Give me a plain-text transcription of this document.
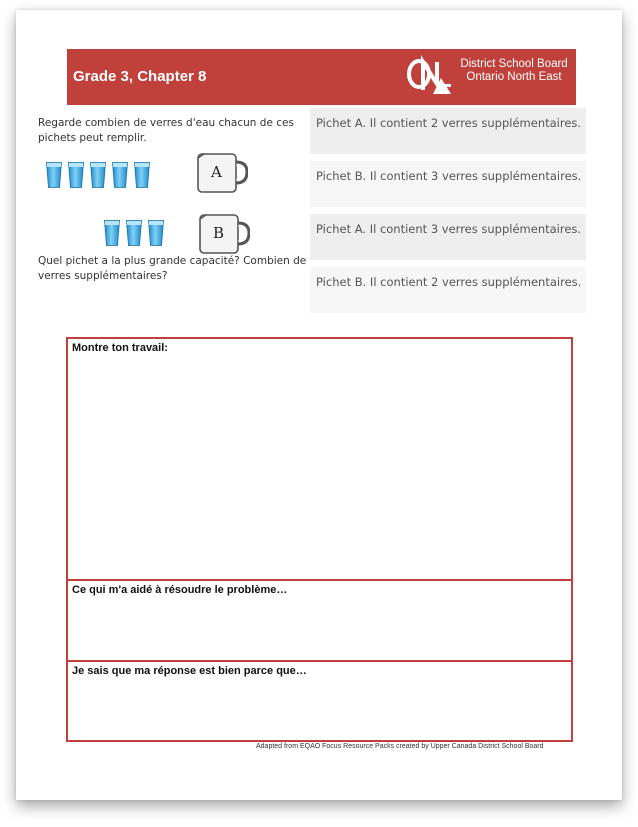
Grade 3, Chapter 8
District School Board
Ontario North East
Regarde combien de verres d'eau chacun de ces pichets peut remplir.
A
B
Quel pichet a la plus grande capacité? Combien de verres supplémentaires?
Pichet A. Il contient 2 verres supplémentaires.
Pichet B. Il contient 3 verres supplémentaires.
Pichet A. Il contient 3 verres supplémentaires.
Pichet B. Il contient 2 verres supplémentaires.
Montre ton travail:
Ce qui m'a aidé à résoudre le problème…
Je sais que ma réponse est bien parce que…
Adapted from EQAO Focus Resource Packs created by Upper Canada District School Board
